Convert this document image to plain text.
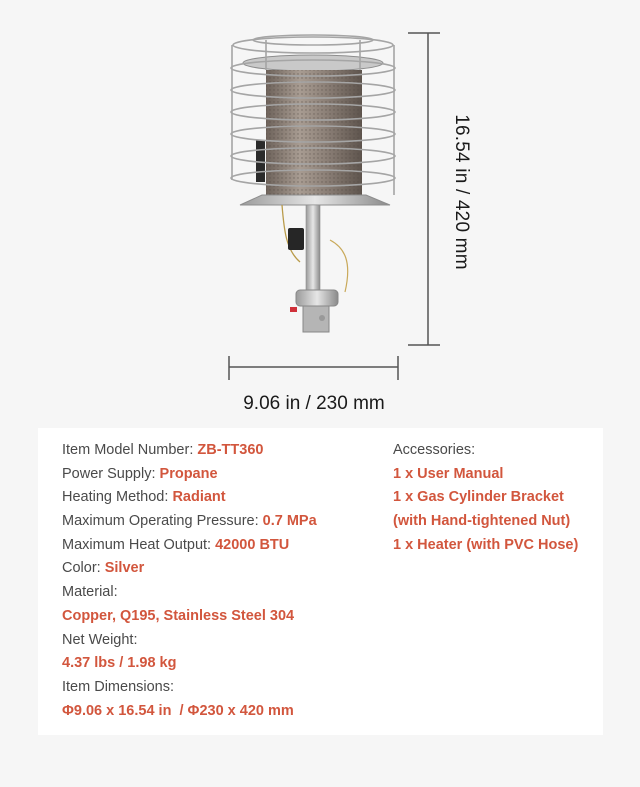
16.54 in / 420 mm
9.06 in / 230 mm
Item Model Number: ZB-TT360
Power Supply: Propane
Heating Method: Radiant
Maximum Operating Pressure: 0.7 MPa
Maximum Heat Output: 42000 BTU
Color: Silver
Material:
Copper, Q195, Stainless Steel 304
Net Weight:
4.37 lbs / 1.98 kg
Item Dimensions:
Φ9.06 x 16.54 in  / Φ230 x 420 mm
Accessories:
1 x User Manual
1 x Gas Cylinder Bracket
(with Hand-tightened Nut)
1 x Heater (with PVC Hose)
